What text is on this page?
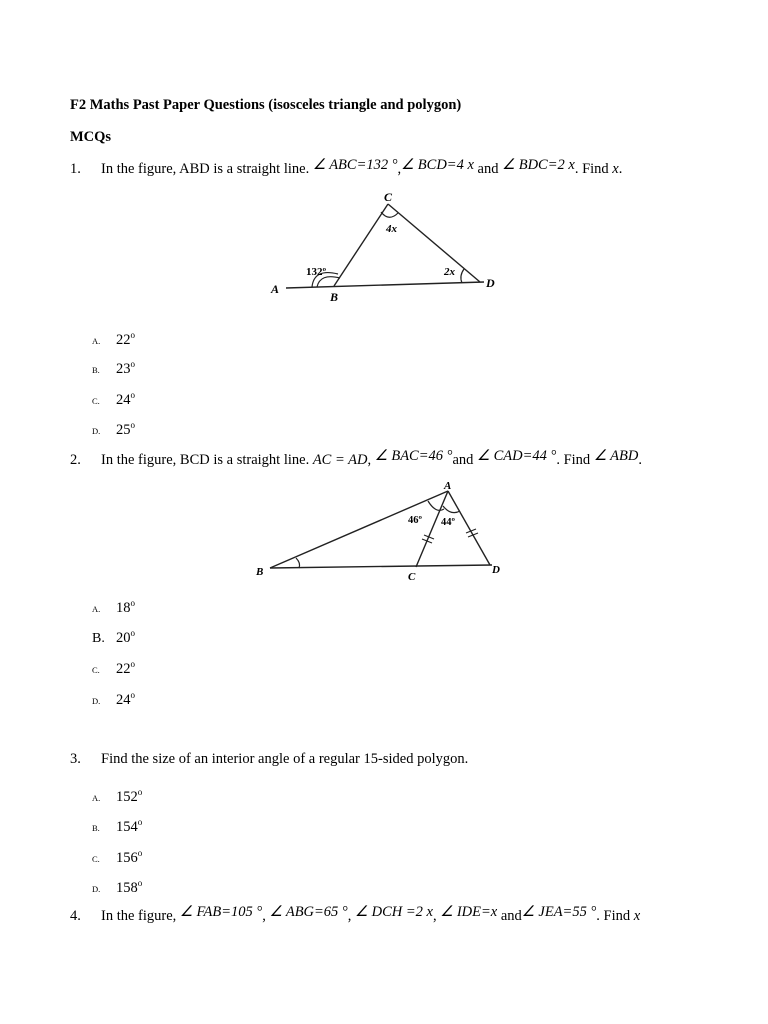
F2 Maths Past Paper Questions (isosceles triangle and polygon)
MCQs
1. In the figure, ABD is a straight line. ∠ ABC=132 °,∠ BCD=4 x and ∠ BDC=2 x. Find x.
C
4x
132º	2x
A
B
D
A. 22$^o$
B. 23$^o$
C. 24$^o$
D. 25$^o$
2. In the figure, BCD is a straight line. AC = AD, ∠ BAC=46 °and ∠ CAD=44 °. Find ∠ ABD.
A
46º 44º
B	C
D
A. 18$^o$
B. 20$^o$
C. 22$^o$
D. 24$^o$
3. Find the size of an interior angle of a regular 15-sided polygon.
A. 152$^o$
B. 154$^o$
C. 156$^o$
D. 158$^o$
4. In the figure, ∠ FAB=105 °, ∠ ABG=65 °, ∠ DCH =2 x, ∠ IDE=x and∠ JEA=55 °. Find x
